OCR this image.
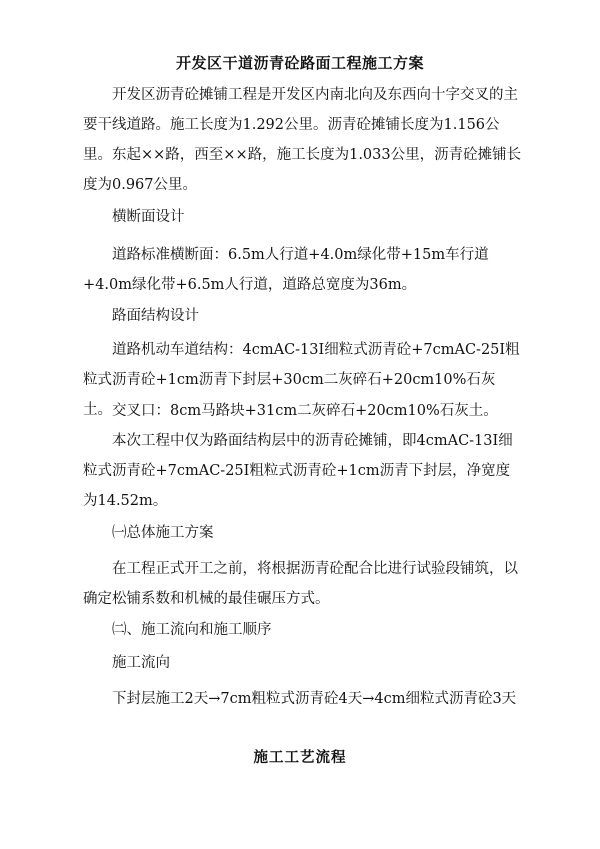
开发区干道沥青砼路面工程施工方案

开发区沥青砼摊铺工程是开发区内南北向及东西向十字交叉的主要干线道路。施工长度为1.292公里。沥青砼摊铺长度为1.156公里。东起××路，西至××路，施工长度为1.033公里，沥青砼摊铺长度为0.967公里。

横断面设计

道路标准横断面：6.5m人行道+4.0m绿化带+15m车行道+4.0m绿化带+6.5m人行道，道路总宽度为36m。

路面结构设计

道路机动车道结构：4cmAC-13I细粒式沥青砼+7cmAC-25I粗粒式沥青砼+1cm沥青下封层+30cm二灰碎石+20cm10%石灰土。 交叉口：8cm马路块+31cm二灰碎石+20cm10%石灰土。

本次工程中仅为路面结构层中的沥青砼摊铺，即4cmAC-13I细粒式沥青砼+7cmAC-25I粗粒式沥青砼+1cm沥青下封层，净宽度为14.52m。

㈠总体施工方案

在工程正式开工之前，将根据沥青砼配合比进行试验段铺筑，以确定松铺系数和机械的最佳碾压方式。

㈡、施工流向和施工顺序

施工流向

下封层施工2天→7cm粗粒式沥青砼4天→4cm细粒式沥青砼3天

施工工艺流程
